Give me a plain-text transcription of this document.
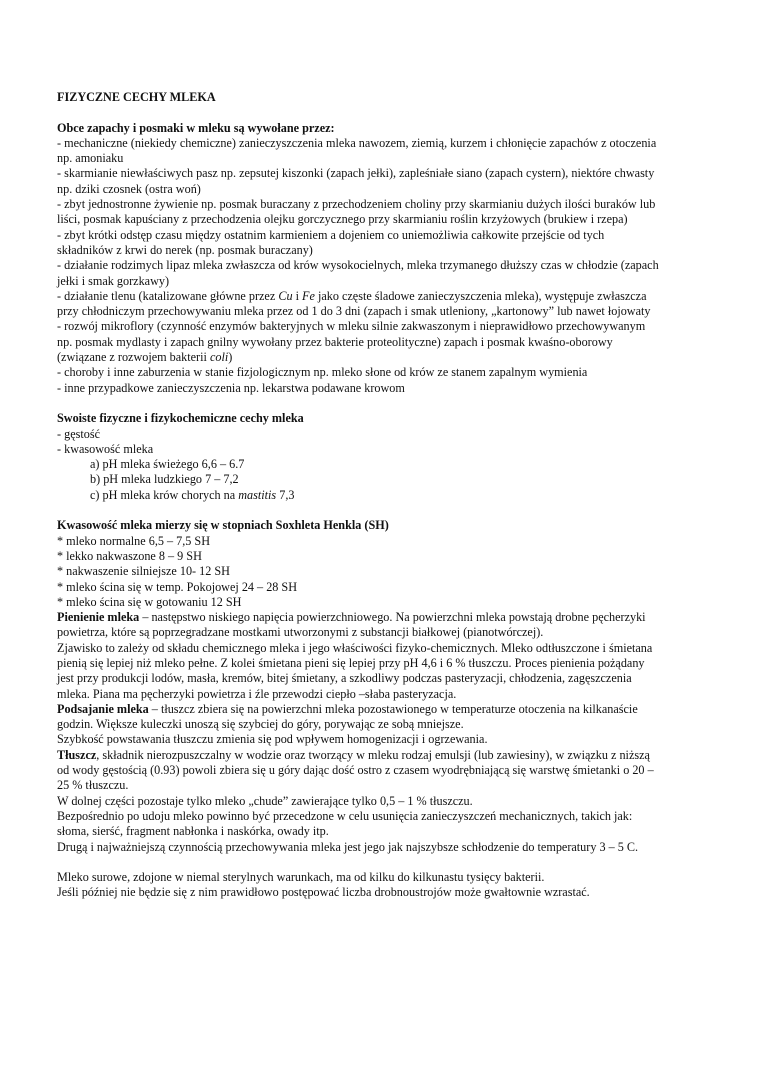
FIZYCZNE CECHY MLEKA
Obce zapachy i posmaki w mleku są wywołane przez:
- mechaniczne (niekiedy chemiczne) zanieczyszczenia mleka nawozem, ziemią, kurzem i chłonięcie zapachów z otoczenia
np. amoniaku
- skarmianie niewłaściwych pasz np. zepsutej kiszonki (zapach jełki), zapleśniałe siano (zapach cystern), niektóre chwasty
np. dziki czosnek (ostra woń)
- zbyt jednostronne żywienie np. posmak buraczany z przechodzeniem choliny przy skarmianiu dużych ilości buraków lub
liści, posmak kapuściany z przechodzenia olejku gorczycznego przy skarmianiu roślin krzyżowych (brukiew i rzepa)
- zbyt krótki odstęp czasu między ostatnim karmieniem a dojeniem co uniemożliwia całkowite przejście od tych
składników z krwi do nerek (np. posmak buraczany)
- działanie rodzimych lipaz mleka zwłaszcza od krów wysokocielnych, mleka trzymanego dłuższy czas w chłodzie (zapach
jełki i smak gorzkawy)
- działanie tlenu (katalizowane główne przez Cu i Fe jako częste śladowe zanieczyszczenia mleka), występuje zwłaszcza
przy chłodniczym przechowywaniu mleka przez od 1 do 3 dni (zapach i smak utleniony, „kartonowy” lub nawet łojowaty
- rozwój mikroflory (czynność enzymów bakteryjnych w mleku silnie zakwaszonym i nieprawidłowo przechowywanym
np. posmak mydlasty i zapach gnilny wywołany przez bakterie proteolityczne) zapach i posmak kwaśno-oborowy
(związane z rozwojem bakterii coli)
- choroby i inne zaburzenia w stanie fizjologicznym np. mleko słone od krów ze stanem zapalnym wymienia
- inne przypadkowe zanieczyszczenia np. lekarstwa podawane krowom
Swoiste fizyczne i fizykochemiczne cechy mleka
- gęstość
- kwasowość mleka
a) pH mleka świeżego 6,6 – 6.7
b) pH mleka ludzkiego 7 – 7,2
c) pH mleka krów chorych na mastitis 7,3
Kwasowość mleka mierzy się w stopniach Soxhleta Henkla (SH)
* mleko normalne 6,5 – 7,5 SH
* lekko nakwaszone 8 – 9 SH
* nakwaszenie silniejsze 10- 12 SH
* mleko ścina się w temp. Pokojowej 24 – 28 SH
* mleko ścina się w gotowaniu 12 SH
Pienienie mleka – następstwo niskiego napięcia powierzchniowego. Na powierzchni mleka powstają drobne pęcherzyki
powietrza, które są poprzegradzane mostkami utworzonymi z substancji białkowej (pianotwórczej).
Zjawisko to zależy od składu chemicznego mleka i jego właściwości fizyko-chemicznych. Mleko odtłuszczone i śmietana
pienią się lepiej niż mleko pełne. Z kolei śmietana pieni się lepiej przy pH 4,6 i 6 % tłuszczu. Proces pienienia pożądany
jest przy produkcji lodów, masła, kremów, bitej śmietany, a szkodliwy podczas pasteryzacji, chłodzenia, zagęszczenia
mleka. Piana ma pęcherzyki powietrza i źle przewodzi ciepło –słaba pasteryzacja.
Podsajanie mleka – tłuszcz zbiera się na powierzchni mleka pozostawionego w temperaturze otoczenia na kilkanaście
godzin. Większe kuleczki unoszą się szybciej do góry, porywając ze sobą mniejsze.
Szybkość powstawania tłuszczu zmienia się pod wpływem homogenizacji i ogrzewania.
Tłuszcz, składnik nierozpuszczalny w wodzie oraz tworzący w mleku rodzaj emulsji (lub zawiesiny), w związku z niższą
od wody gęstością (0.93) powoli zbiera się u góry dając dość ostro z czasem wyodrębniającą się warstwę śmietanki o 20 –
25 % tłuszczu.
W dolnej części pozostaje tylko mleko „chude” zawierające tylko 0,5 – 1 % tłuszczu.
Bezpośrednio po udoju mleko powinno być przecedzone w celu usunięcia zanieczyszczeń mechanicznych, takich jak:
słoma, sierść, fragment nabłonka i naskórka, owady itp.
Drugą i najważniejszą czynnością przechowywania mleka jest jego jak najszybsze schłodzenie do temperatury 3 – 5 C.
Mleko surowe, zdojone w niemal sterylnych warunkach, ma od kilku do kilkunastu tysięcy bakterii.
Jeśli później nie będzie się z nim prawidłowo postępować liczba drobnoustrojów może gwałtownie wzrastać.
